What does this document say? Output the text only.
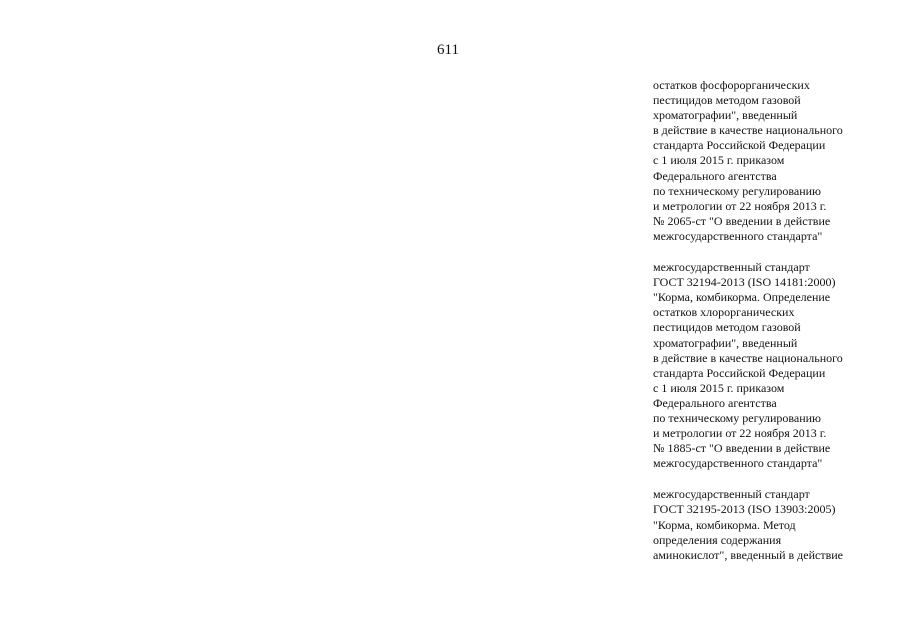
611
остатков фосфорорганических
пестицидов методом газовой
хроматографии", введенный
в действие в качестве национального
стандарта Российской Федерации
с 1 июля 2015 г. приказом
Федерального агентства
по техническому регулированию
и метрологии от 22 ноября 2013 г.
№ 2065-ст "О введении в действие
межгосударственного стандарта"
межгосударственный стандарт
ГОСТ 32194-2013 (ISO 14181:2000)
"Корма, комбикорма. Определение
остатков хлорорганических
пестицидов методом газовой
хроматографии", введенный
в действие в качестве национального
стандарта Российской Федерации
с 1 июля 2015 г. приказом
Федерального агентства
по техническому регулированию
и метрологии от 22 ноября 2013 г.
№ 1885-ст "О введении в действие
межгосударственного стандарта"
межгосударственный стандарт
ГОСТ 32195-2013 (ISO 13903:2005)
"Корма, комбикорма. Метод
определения содержания
аминокислот", введенный в действие
